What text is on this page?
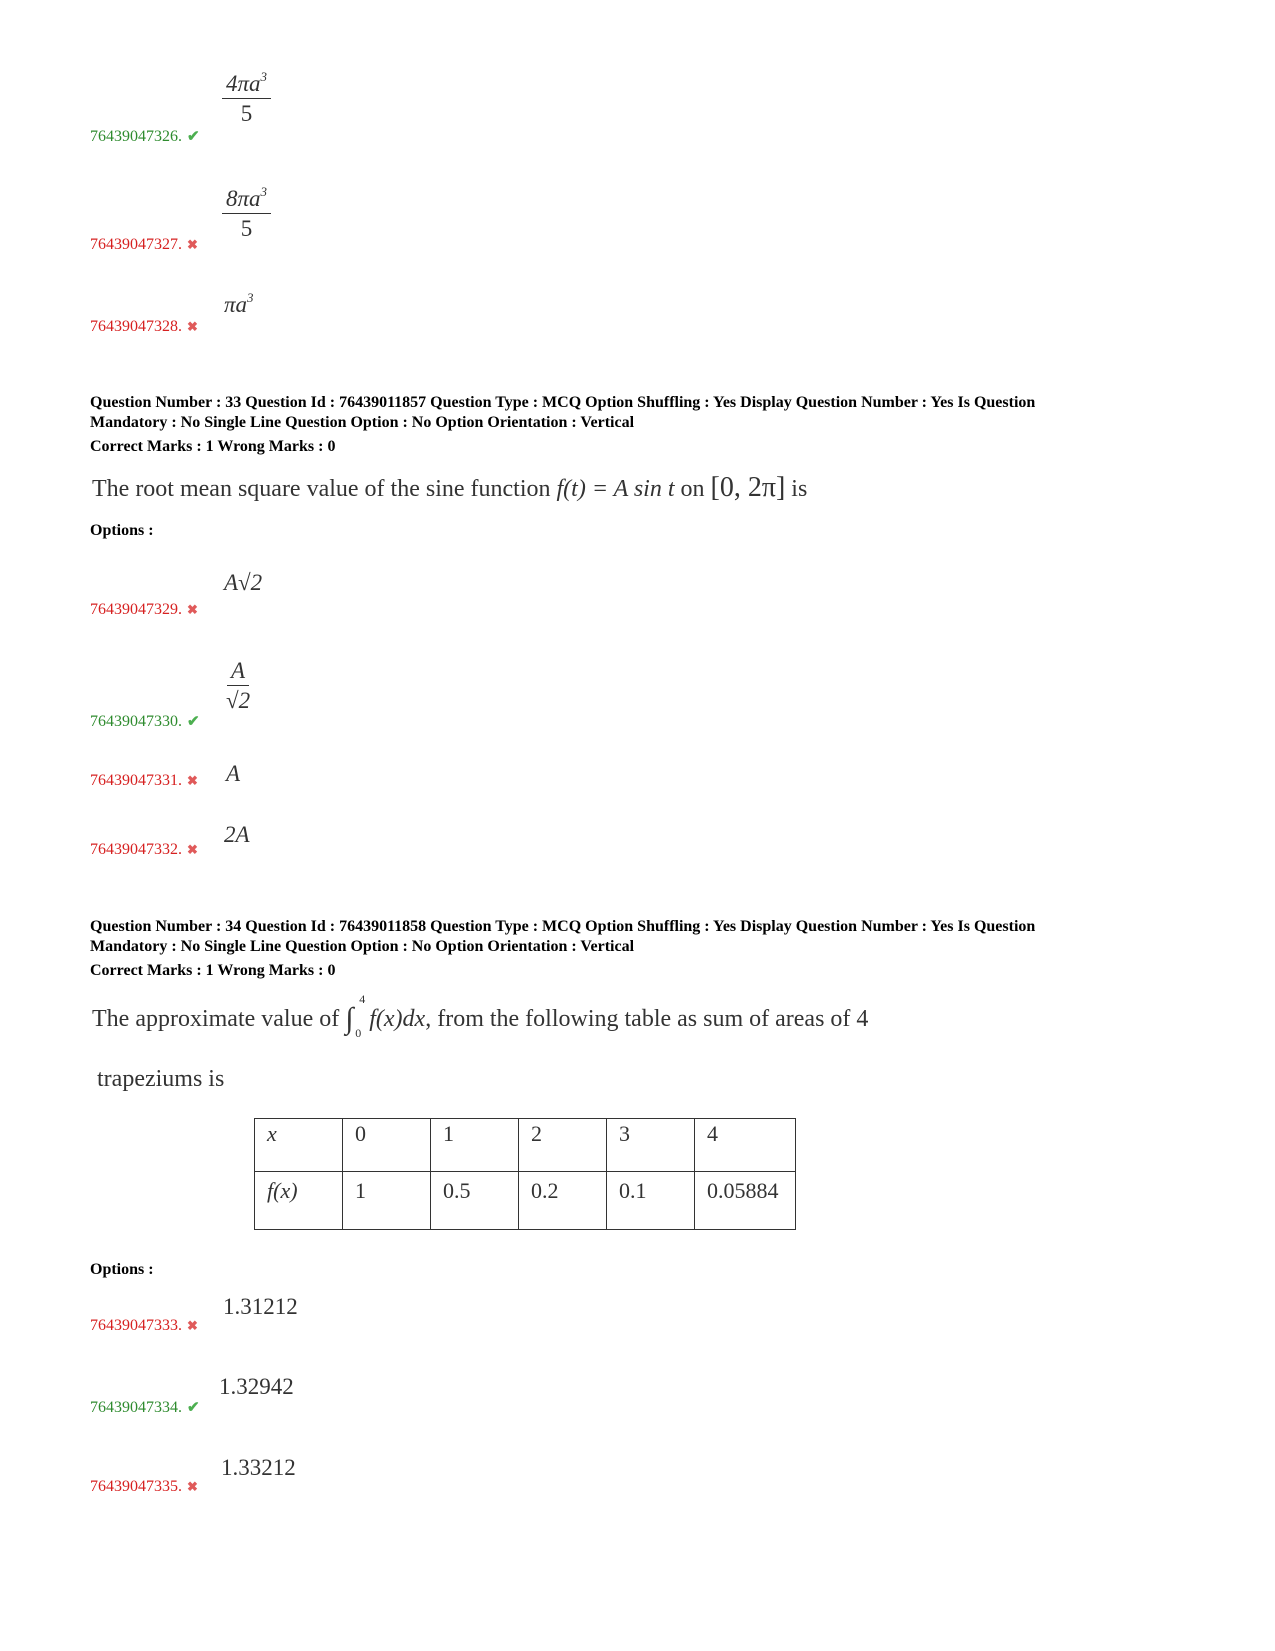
$\frac{4\pi a^3}{5}$
76439047326. ✔
$\frac{8\pi a^3}{5}$
76439047327. ✖
$\pi a^3$
76439047328. ✖
Question Number : 33 Question Id : 76439011857 Question Type : MCQ Option Shuffling : Yes Display Question Number : Yes Is Question
Mandatory : No Single Line Question Option : No Option Orientation : Vertical
Correct Marks : 1 Wrong Marks : 0
The root mean square value of the sine function f(t) = A sin t on [0, 2π] is
Options :
A√2
76439047329. ✖
$\frac{A}{√2}$
76439047330. ✔
76439047331. ✖ A
2A
76439047332. ✖
Question Number : 34 Question Id : 76439011858 Question Type : MCQ Option Shuffling : Yes Display Question Number : Yes Is Question
Mandatory : No Single Line Question Option : No Option Orientation : Vertical
Correct Marks : 1 Wrong Marks : 0
The approximate value of ∫
4
0
f(x)dx, from the following table as sum of areas of 4
trapeziums is
x	0	1	2	3	4
f(x)	1	0.5	0.2	0.1	0.05884
Options :
1.31212
76439047333. ✖
1.32942
76439047334. ✔
1.33212
76439047335. ✖
